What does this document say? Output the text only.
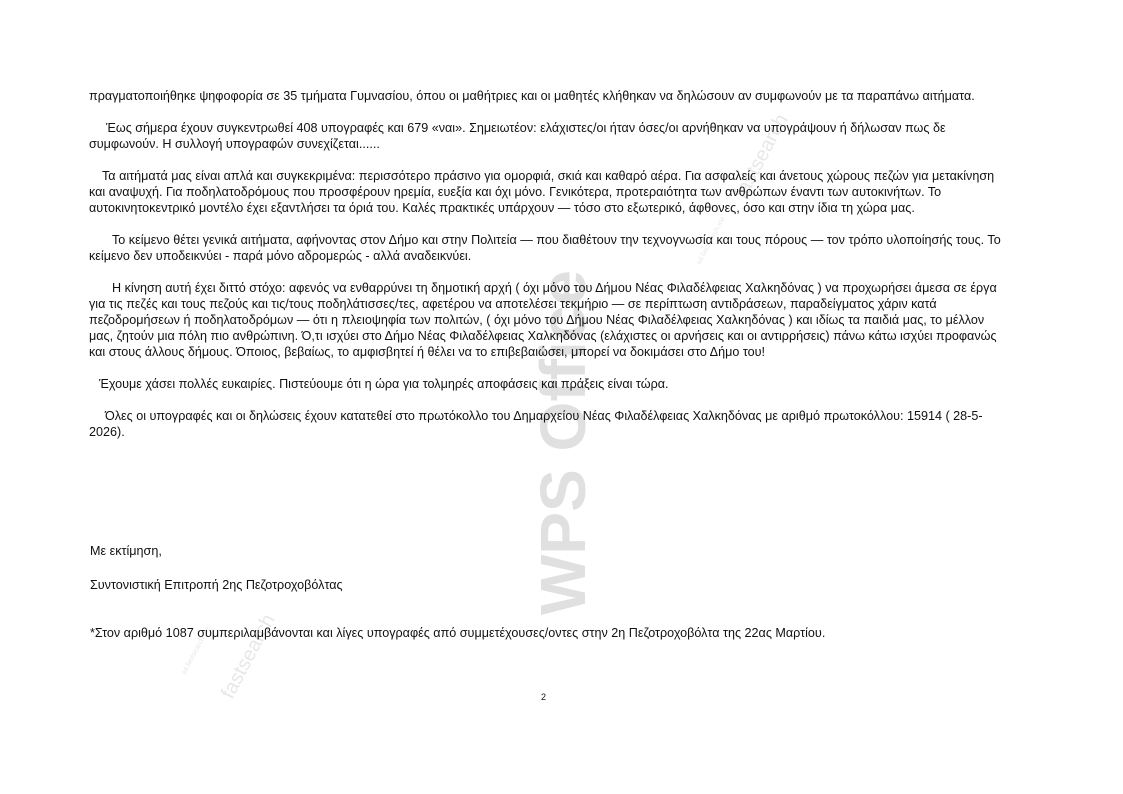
WPS Office
fastsearch
fastsearch
sd.fastsearch.me
sd.fastsearch.me

πραγματοποιήθηκε ψηφοφορία σε 35 τμήματα Γυμνασίου, όπου οι μαθήτριες και οι μαθητές κλήθηκαν να δηλώσουν αν συμφωνούν με τα παραπάνω αιτήματα.

Έως σήμερα έχουν συγκεντρωθεί 408 υπογραφές και 679 «ναι». Σημειωτέον: ελάχιστες/οι ήταν όσες/οι αρνήθηκαν να υπογράψουν ή δήλωσαν πως δε συμφωνούν. Η συλλογή υπογραφών συνεχίζεται......

Τα αιτήματά μας είναι απλά και συγκεκριμένα: περισσότερο πράσινο για ομορφιά, σκιά και καθαρό αέρα. Για ασφαλείς και άνετους χώρους πεζών για μετακίνηση και αναψυχή. Για ποδηλατοδρόμους που προσφέρουν ηρεμία, ευεξία και όχι μόνο. Γενικότερα, προτεραιότητα των ανθρώπων έναντι των αυτοκινήτων. Το αυτοκινητοκεντρικό μοντέλο έχει εξαντλήσει τα όριά του. Καλές πρακτικές υπάρχουν — τόσο στο εξωτερικό, άφθονες, όσο και στην ίδια τη χώρα μας.

Το κείμενο θέτει γενικά αιτήματα, αφήνοντας στον Δήμο και στην Πολιτεία — που διαθέτουν την τεχνογνωσία και τους πόρους — τον τρόπο υλοποίησής τους. Το κείμενο δεν υποδεικνύει - παρά μόνο αδρομερώς - αλλά αναδεικνύει.

Η κίνηση αυτή έχει διττό στόχο: αφενός να ενθαρρύνει τη δημοτική αρχή ( όχι μόνο του Δήμου Νέας Φιλαδέλφειας Χαλκηδόνας ) να προχωρήσει άμεσα σε έργα για τις πεζές και τους πεζούς και τις/τους ποδηλάτισσες/τες, αφετέρου να αποτελέσει τεκμήριο — σε περίπτωση αντιδράσεων, παραδείγματος χάριν κατά πεζοδρομήσεων ή ποδηλατοδρόμων — ότι η πλειοψηφία των πολιτών, ( όχι μόνο του Δήμου Νέας Φιλαδέλφειας Χαλκηδόνας ) και ιδίως τα παιδιά μας, το μέλλον μας, ζητούν μια πόλη πιο ανθρώπινη. Ό,τι ισχύει στο Δήμο Νέας Φιλαδέλφειας Χαλκηδόνας (ελάχιστες οι αρνήσεις και οι αντιρρήσεις) πάνω κάτω ισχύει προφανώς και στους άλλους δήμους. Όποιος, βεβαίως, το αμφισβητεί ή θέλει να το επιβεβαιώσει, μπορεί να δοκιμάσει στο Δήμο του!

Έχουμε χάσει πολλές ευκαιρίες. Πιστεύουμε ότι η ώρα για τολμηρές αποφάσεις και πράξεις είναι τώρα.

Όλες οι υπογραφές και οι δηλώσεις έχουν κατατεθεί στο πρωτόκολλο του Δημαρχείου Νέας Φιλαδέλφειας Χαλκηδόνας με αριθμό πρωτοκόλλου: 15914 ( 28-5-2026).

Με εκτίμηση,
Συντονιστική Επιτροπή 2ης Πεζοτροχοβόλτας
*Στον αριθμό 1087 συμπεριλαμβάνονται και λίγες υπογραφές από συμμετέχουσες/οντες στην 2η Πεζοτροχοβόλτα της 22ας Μαρτίου.
2
